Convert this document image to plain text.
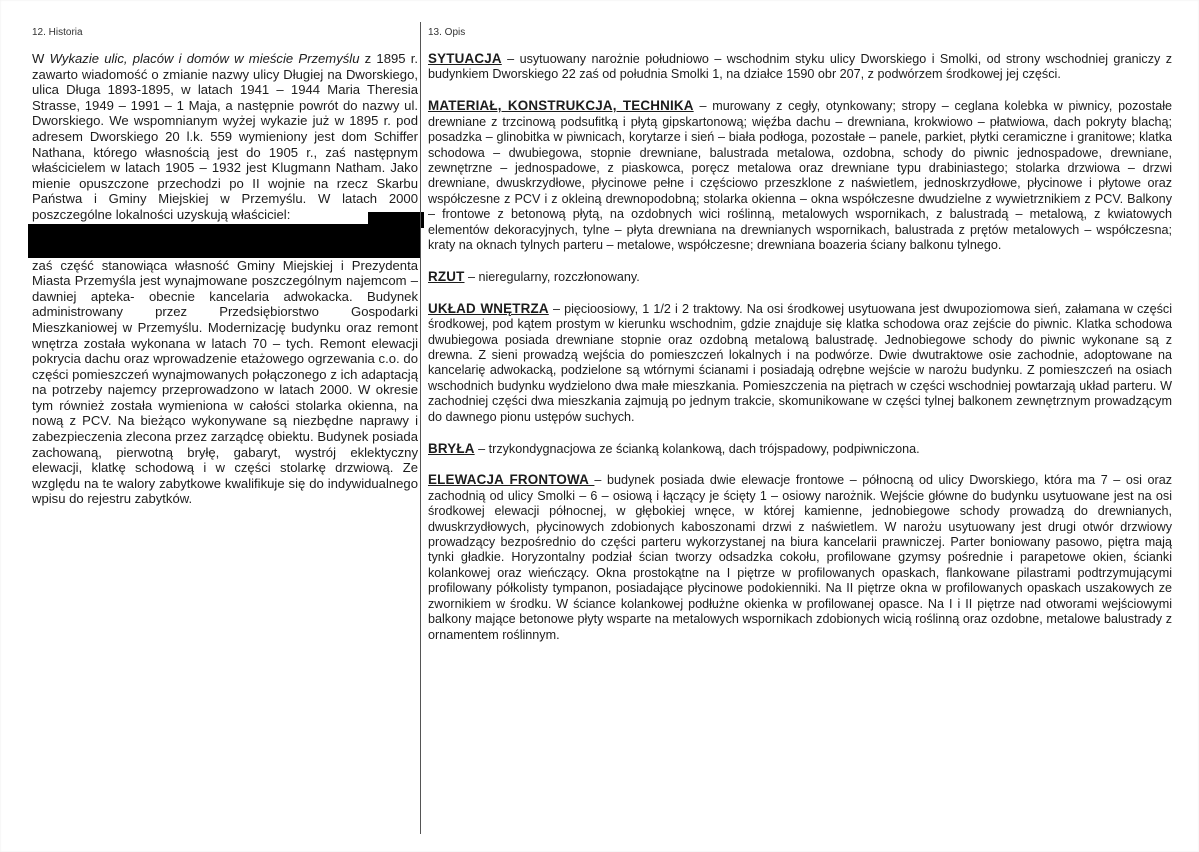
12. Historia

W Wykazie ulic, placów i domów w mieście Przemyślu z 1895 r. zawarto wiadomość o zmianie nazwy ulicy Długiej na Dworskiego, ulica Długa 1893-1895, w latach 1941 – 1944 Maria Theresia Strasse, 1949 – 1991 – 1 Maja, a następnie powrót do nazwy ul. Dworskiego. We wspomnianym wyżej wykazie już w 1895 r. pod adresem Dworskiego 20 l.k. 559 wymieniony jest dom Schiffer Nathana, którego własnością jest do 1905 r., zaś następnym właścicielem w latach 1905 – 1932 jest Klugmann Natham. Jako mienie opuszczone przechodzi po II wojnie na rzecz Skarbu Państwa i Gminy Miejskiej w Przemyślu. W latach 2000 poszczególne lokalności uzyskują właściciel:

zaś część stanowiąca własność Gminy Miejskiej i Prezydenta Miasta Przemyśla jest wynajmowane poszczególnym najemcom – dawniej apteka- obecnie kancelaria adwokacka. Budynek administrowany przez Przedsiębiorstwo Gospodarki Mieszkaniowej w Przemyślu. Modernizację budynku oraz remont wnętrza została wykonana w latach 70 – tych. Remont elewacji pokrycia dachu oraz wprowadzenie etażowego ogrzewania c.o. do części pomieszczeń wynajmowanych połączonego z ich adaptacją na potrzeby najemcy przeprowadzono w latach 2000. W okresie tym również została wymieniona w całości stolarka okienna, na nową z PCV. Na bieżąco wykonywane są niezbędne naprawy i zabezpieczenia zlecona przez zarządcę obiektu. Budynek posiada zachowaną, pierwotną bryłę, gabaryt, wystrój eklektyczny elewacji, klatkę schodową i w części stolarkę drzwiową. Ze względu na te walory zabytkowe kwalifikuje się do indywidualnego wpisu do rejestru zabytków.

13. Opis

SYTUACJA – usytuowany narożnie południowo – wschodnim styku ulicy Dworskiego i Smolki, od strony wschodniej graniczy z budynkiem Dworskiego 22 zaś od południa Smolki 1, na działce 1590 obr 207, z podwórzem środkowej jej części.

MATERIAŁ, KONSTRUKCJA, TECHNIKA – murowany z cegły, otynkowany; stropy – ceglana kolebka w piwnicy, pozostałe drewniane z trzcinową podsufitką i płytą gipskartonową; więźba dachu – drewniana, krokwiowo – płatwiowa, dach pokryty blachą; posadzka – glinobitka w piwnicach, korytarze i sień – biała podłoga, pozostałe – panele, parkiet, płytki ceramiczne i granitowe; klatka schodowa – dwubiegowa, stopnie drewniane, balustrada metalowa, ozdobna, schody do piwnic jednospadowe, drewniane, zewnętrzne – jednospadowe, z piaskowca, poręcz metalowa oraz drewniane typu drabiniastego; stolarka drzwiowa – drzwi drewniane, dwuskrzydłowe, płycinowe pełne i częściowo przeszklone z naświetlem, jednoskrzydłowe, płycinowe i płytowe oraz współczesne z PCV i z okleiną drewnopodobną; stolarka okienna – okna współczesne dwudzielne z wywietrznikiem z PCV. Balkony – frontowe z betonową płytą, na ozdobnych wici roślinną, metalowych wspornikach, z balustradą – metalową, z kwiatowych elementów dekoracyjnych, tylne – płyta drewniana na drewnianych wspornikach, balustrada z prętów metalowych – współczesna; kraty na oknach tylnych parteru – metalowe, współczesne; drewniana boazeria ściany balkonu tylnego.

RZUT – nieregularny, rozczłonowany.

UKŁAD WNĘTRZA – pięcioosiowy, 1 1/2 i 2 traktowy. Na osi środkowej usytuowana jest dwupoziomowa sień, załamana w części środkowej, pod kątem prostym w kierunku wschodnim, gdzie znajduje się klatka schodowa oraz zejście do piwnic. Klatka schodowa dwubiegowa posiada drewniane stopnie oraz ozdobną metalową balustradę. Jednobiegowe schody do piwnic wykonane są z drewna. Z sieni prowadzą wejścia do pomieszczeń lokalnych i na podwórze. Dwie dwutraktowe osie zachodnie, adoptowane na kancelarię adwokacką, podzielone są wtórnymi ścianami i posiadają odrębne wejście w narożu budynku. Z pomieszczeń na osiach wschodnich budynku wydzielono dwa małe mieszkania. Pomieszczenia na piętrach w części wschodniej powtarzają układ parteru. W zachodniej części dwa mieszkania zajmują po jednym trakcie, skomunikowane w części tylnej balkonem zewnętrznym prowadzącym do dawnego pionu ustępów suchych.

BRYŁA – trzykondygnacjowa ze ścianką kolankową, dach trójspadowy, podpiwniczona.

ELEWACJA FRONTOWA – budynek posiada dwie elewacje frontowe – północną od ulicy Dworskiego, która ma 7 – osi oraz zachodnią od ulicy Smolki – 6 – osiową i łączący je ścięty 1 – osiowy narożnik. Wejście główne do budynku usytuowane jest na osi środkowej elewacji północnej, w głębokiej wnęce, w której kamienne, jednobiegowe schody prowadzą do drewnianych, dwuskrzydłowych, płycinowych zdobionych kaboszonami drzwi z naświetlem. W narożu usytuowany jest drugi otwór drzwiowy prowadzący bezpośrednio do części parteru wykorzystanej na biura kancelarii prawniczej. Parter boniowany pasowo, piętra mają tynki gładkie. Horyzontalny podział ścian tworzy odsadzka cokołu, profilowane gzymsy pośrednie i parapetowe okien, ścianki kolankowej oraz wieńczący. Okna prostokątne na I piętrze w profilowanych opaskach, flankowane pilastrami podtrzymującymi profilowany półkolisty tympanon, posiadające płycinowe podokienniki. Na II piętrze okna w profilowanych opaskach uszakowych ze zwornikiem w środku. W ściance kolankowej podłużne okienka w profilowanej opasce. Na I i II piętrze nad otworami wejściowymi balkony mające betonowe płyty wsparte na metalowych wspornikach zdobionych wicią roślinną oraz ozdobne, metalowe balustrady z ornamentem roślinnym.
